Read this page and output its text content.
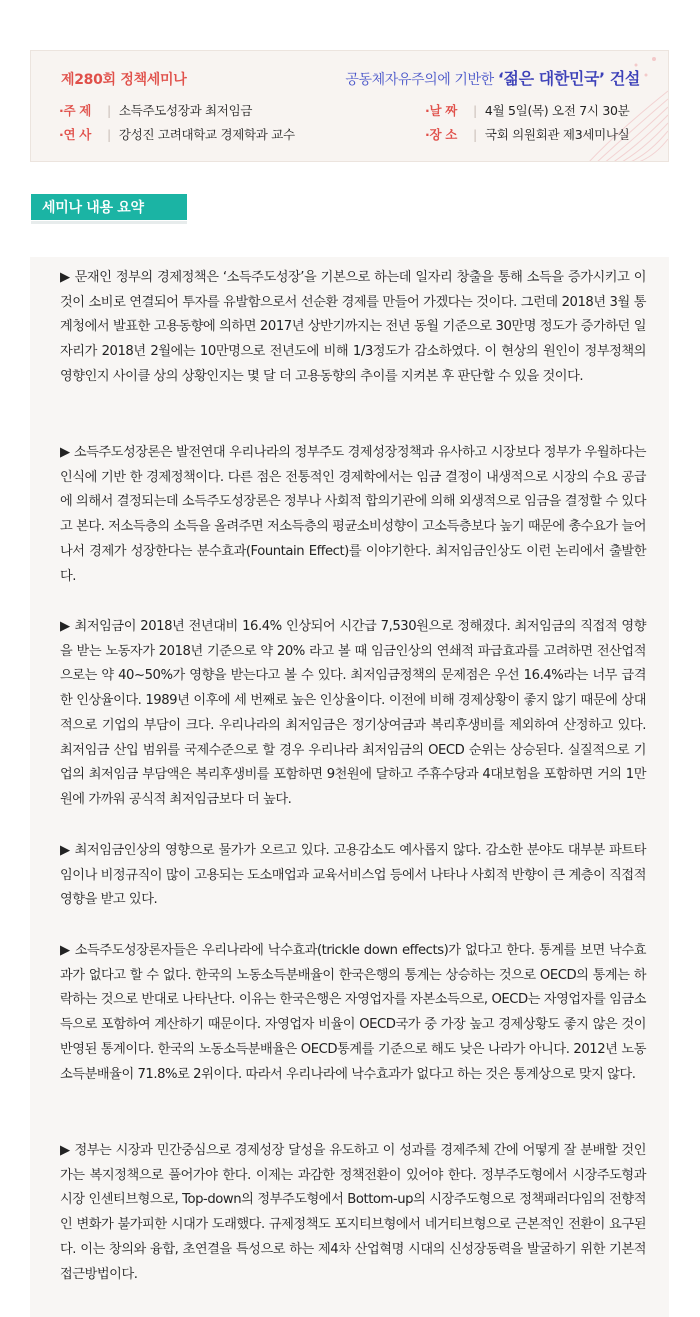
제280회 정책세미나	공동체자유주의에 기반한 ‘젊은 대한민국’ 건설
·주 제 | 소득주도성장과 최저임금
·연 사 | 강성진 고려대학교 경제학과 교수
·날 짜 | 4월 5일(목) 오전 7시 30분
·장 소 | 국회 의원회관 제3세미나실
세미나 내용 요약

▶ 문재인 정부의 경제정책은 ‘소득주도성장’을 기본으로 하는데 일자리 창출을 통해 소득을 증가시키고 이것이 소비로 연결되어 투자를 유발함으로서 선순환 경제를 만들어 가겠다는 것이다. 그런데 2018년 3월 통계청에서 발표한 고용동향에 의하면 2017년 상반기까지는 전년 동월 기준으로 30만명 정도가 증가하던 일자리가 2018년 2월에는 10만명으로 전년도에 비해 1/3정도가 감소하였다. 이 현상의 원인이 정부정책의 영향인지 사이클 상의 상황인지는 몇 달 더 고용동향의 추이를 지켜본 후 판단할 수 있을 것이다.

▶ 소득주도성장론은 발전연대 우리나라의 정부주도 경제성장정책과 유사하고 시장보다 정부가 우월하다는 인식에 기반 한 경제정책이다. 다른 점은 전통적인 경제학에서는 임금 결정이 내생적으로 시장의 수요 공급에 의해서 결정되는데 소득주도성장론은 정부나 사회적 합의기관에 의해 외생적으로 임금을 결정할 수 있다고 본다. 저소득층의 소득을 올려주면 저소득층의 평균소비성향이 고소득층보다 높기 때문에 총수요가 늘어나서 경제가 성장한다는 분수효과(Fountain Effect)를 이야기한다. 최저임금인상도 이런 논리에서 출발한다.

▶ 최저임금이 2018년 전년대비 16.4% 인상되어 시간급 7,530원으로 정해졌다. 최저임금의 직접적 영향을 받는 노동자가 2018년 기준으로 약 20% 라고 볼 때 임금인상의 연쇄적 파급효과를 고려하면 전산업적으로는 약 40~50%가 영향을 받는다고 볼 수 있다. 최저임금정책의 문제점은 우선 16.4%라는 너무 급격한 인상율이다. 1989년 이후에 세 번째로 높은 인상율이다. 이전에 비해 경제상황이 좋지 않기 때문에 상대적으로 기업의 부담이 크다. 우리나라의 최저임금은 정기상여금과 복리후생비를 제외하여 산정하고 있다. 최저임금 산입 범위를 국제수준으로 할 경우 우리나라 최저임금의 OECD 순위는 상승된다. 실질적으로 기업의 최저임금 부담액은 복리후생비를 포함하면 9천원에 달하고 주휴수당과 4대보험을 포함하면 거의 1만원에 가까워 공식적 최저임금보다 더 높다.

▶ 최저임금인상의 영향으로 물가가 오르고 있다. 고용감소도 예사롭지 않다. 감소한 분야도 대부분 파트타임이나 비정규직이 많이 고용되는 도소매업과 교육서비스업 등에서 나타나 사회적 반향이 큰 계층이 직접적 영향을 받고 있다.

▶ 소득주도성장론자들은 우리나라에 낙수효과(trickle down effects)가 없다고 한다. 통계를 보면 낙수효과가 없다고 할 수 없다. 한국의 노동소득분배율이 한국은행의 통계는 상승하는 것으로 OECD의 통계는 하락하는 것으로 반대로 나타난다. 이유는 한국은행은 자영업자를 자본소득으로, OECD는 자영업자를 임금소득으로 포함하여 계산하기 때문이다. 자영업자 비율이 OECD국가 중 가장 높고 경제상황도 좋지 않은 것이 반영된 통계이다. 한국의 노동소득분배율은 OECD통계를 기준으로 해도 낮은 나라가 아니다. 2012년 노동소득분배율이 71.8%로 2위이다. 따라서 우리나라에 낙수효과가 없다고 하는 것은 통계상으로 맞지 않다.

▶ 정부는 시장과 민간중심으로 경제성장 달성을 유도하고 이 성과를 경제주체 간에 어떻게 잘 분배할 것인가는 복지정책으로 풀어가야 한다. 이제는 과감한 정책전환이 있어야 한다. 정부주도형에서 시장주도형과 시장 인센티브형으로, Top-down의 정부주도형에서 Bottom-up의 시장주도형으로 정책패러다임의 전향적인 변화가 불가피한 시대가 도래했다. 규제정책도 포지티브형에서 네거티브형으로 근본적인 전환이 요구된다. 이는 창의와 융합, 초연결을 특성으로 하는 제4차 산업혁명 시대의 신성장동력을 발굴하기 위한 기본적 접근방법이다.
